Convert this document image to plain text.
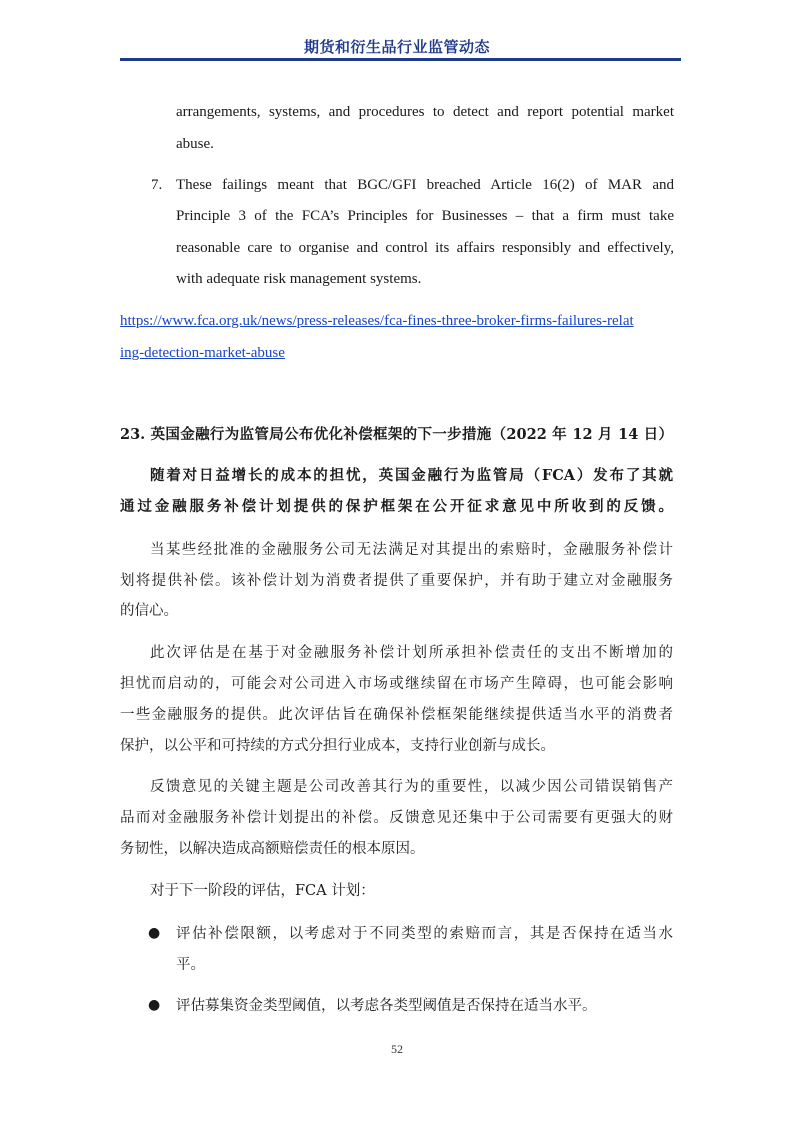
期货和衍生品行业监管动态
arrangements, systems, and procedures to detect and report potential market
abuse.
7. These failings meant that BGC/GFI breached Article 16(2) of MAR and
Principle 3 of the FCA’s Principles for Businesses – that a firm must take
reasonable care to organise and control its affairs responsibly and effectively,
with adequate risk management systems.
https://www.fca.org.uk/news/press-releases/fca-fines-three-broker-firms-failures-relat
ing-detection-market-abuse
23. 英国金融行为监管局公布优化补偿框架的下一步措施（2022 年 12 月 14 日）
随着对日益增长的成本的担忧，英国金融行为监管局（FCA）发布了其就
通过金融服务补偿计划提供的保护框架在公开征求意见中所收到的反馈。
当某些经批准的金融服务公司无法满足对其提出的索赔时，金融服务补偿计
划将提供补偿。该补偿计划为消费者提供了重要保护，并有助于建立对金融服务
的信心。
此次评估是在基于对金融服务补偿计划所承担补偿责任的支出不断增加的
担忧而启动的，可能会对公司进入市场或继续留在市场产生障碍，也可能会影响
一些金融服务的提供。此次评估旨在确保补偿框架能继续提供适当水平的消费者
保护，以公平和可持续的方式分担行业成本，支持行业创新与成长。
反馈意见的关键主题是公司改善其行为的重要性，以减少因公司错误销售产
品而对金融服务补偿计划提出的补偿。反馈意见还集中于公司需要有更强大的财
务韧性，以解决造成高额赔偿责任的根本原因。
对于下一阶段的评估，FCA 计划：
● 评估补偿限额，以考虑对于不同类型的索赔而言，其是否保持在适当水
平。
● 评估募集资金类型阈值，以考虑各类型阈值是否保持在适当水平。
52
